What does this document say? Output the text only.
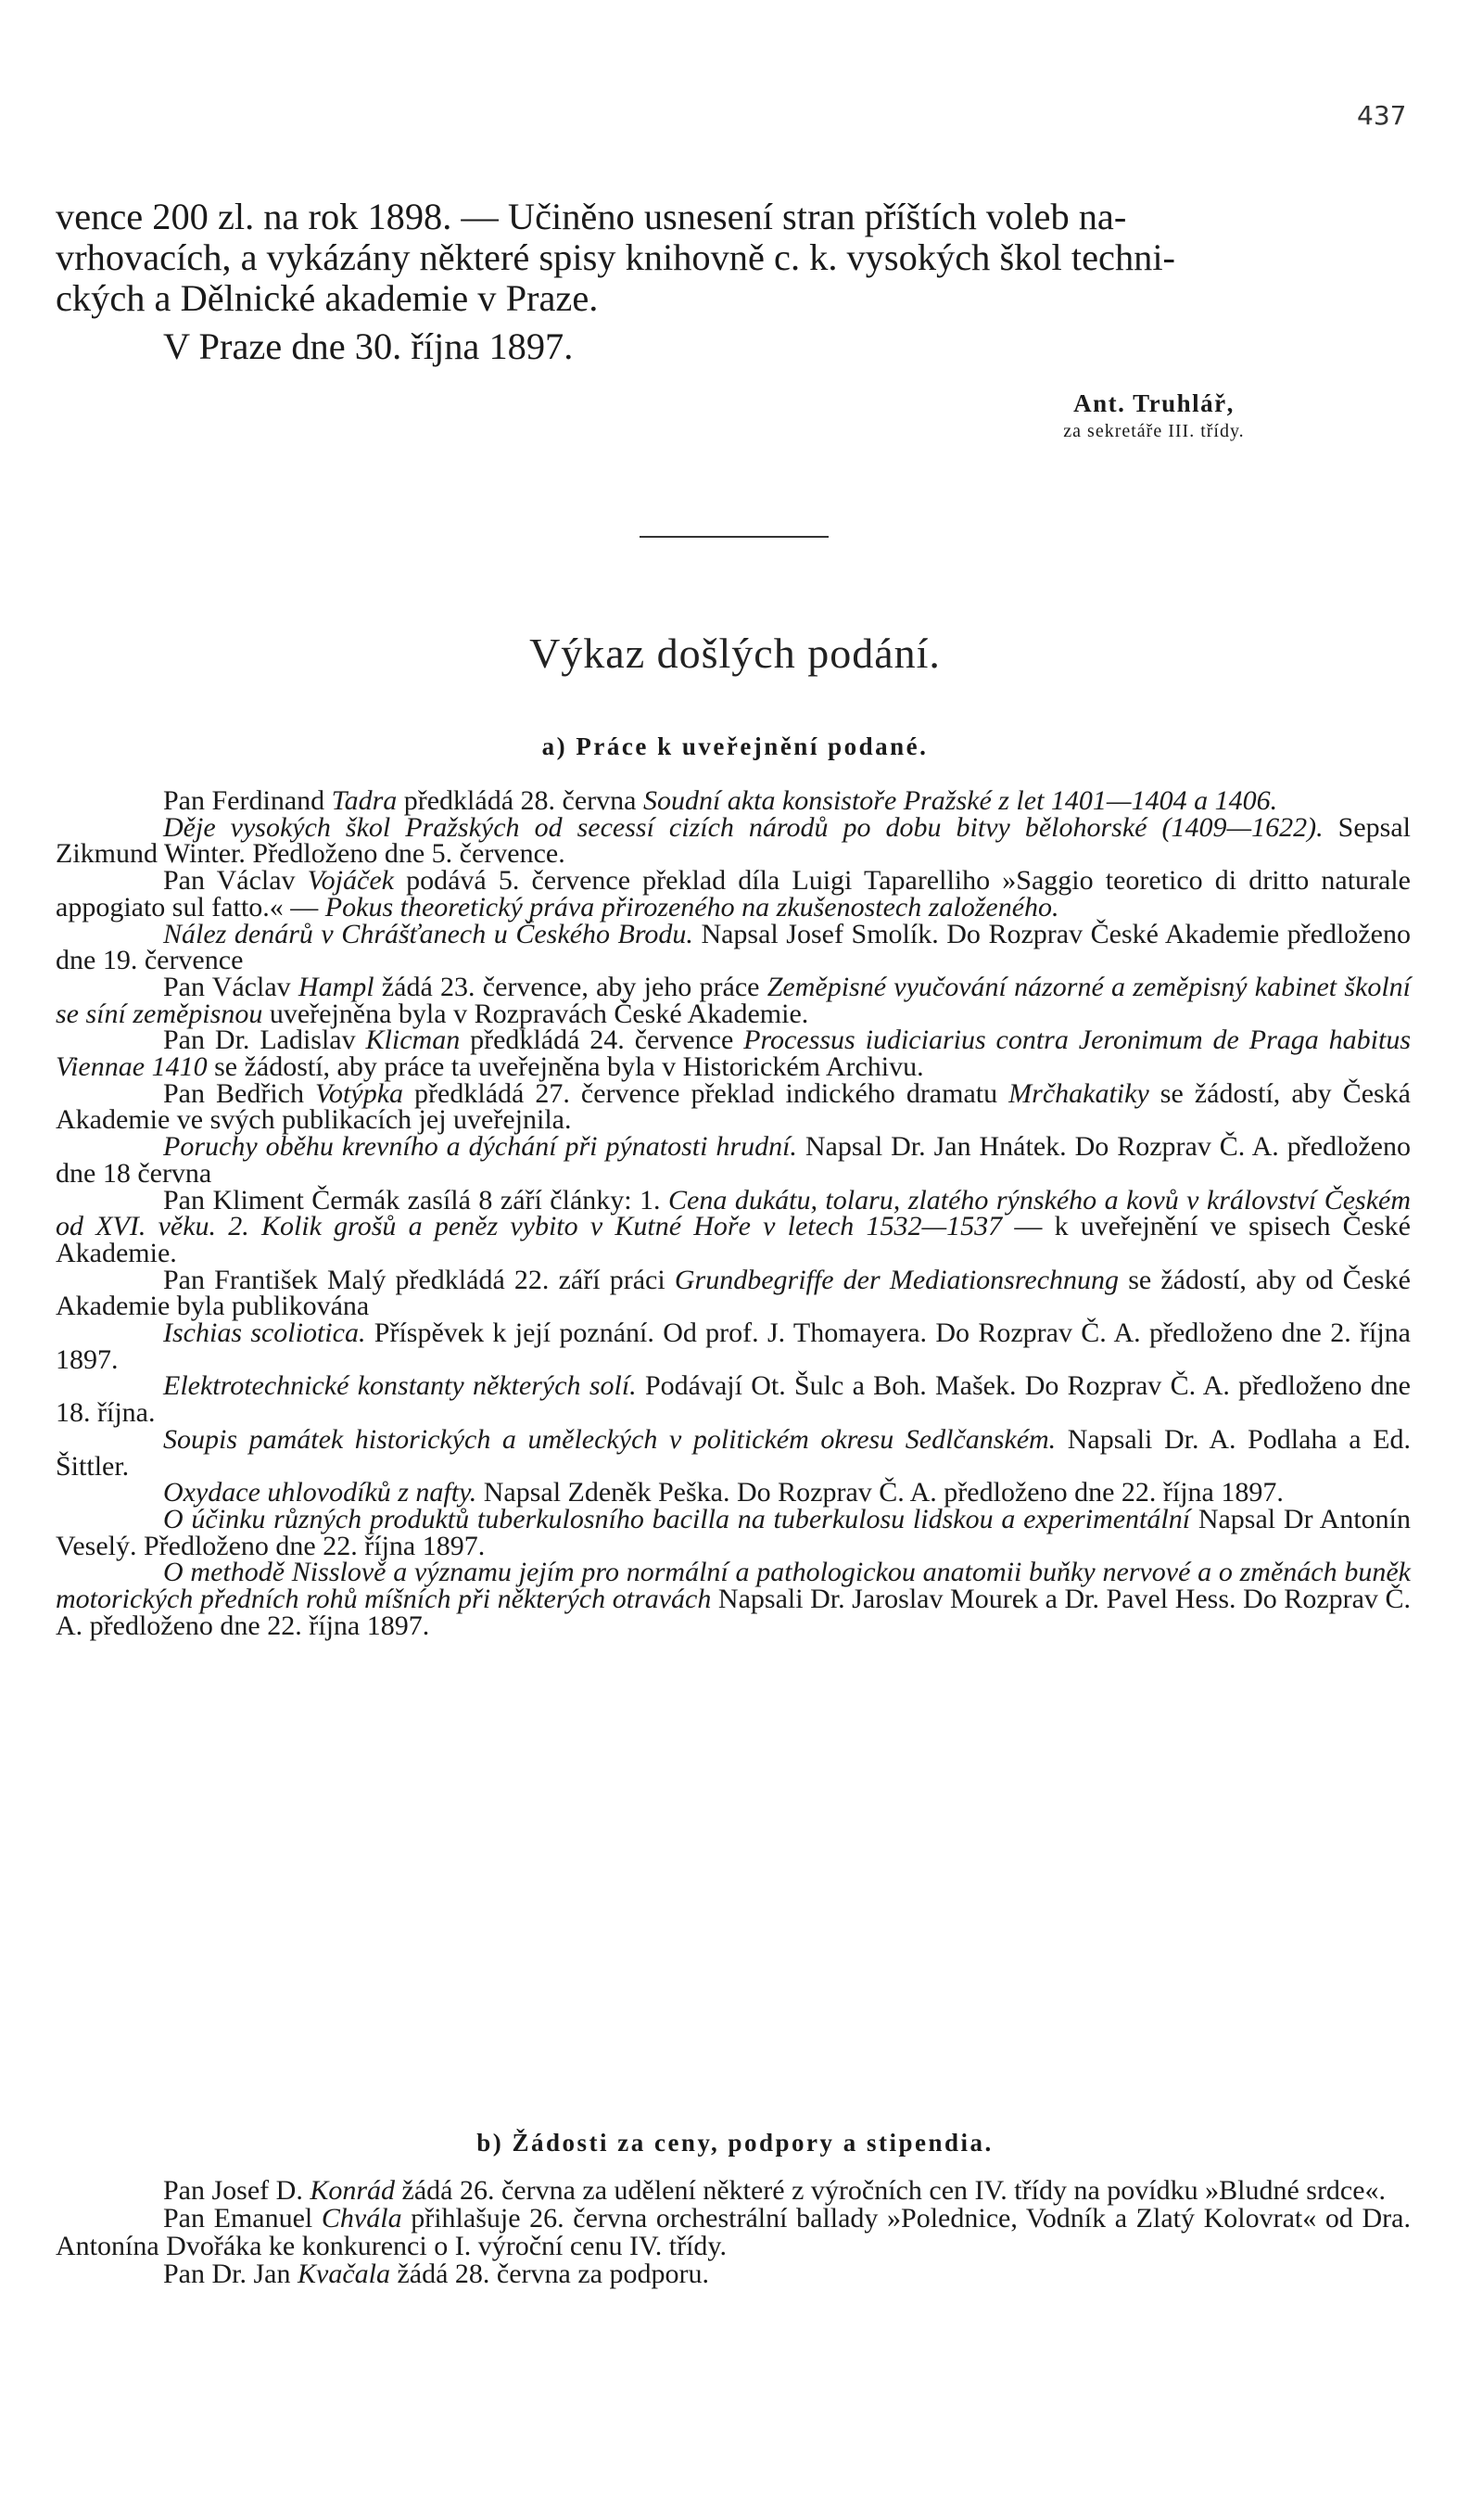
437

vence 200 zl. na rok 1898. — Učiněno usnesení stran příštích voleb na-

vrhovacích, a vykázány některé spisy knihovně c. k. vysokých škol techni-

ckých a Dělnické akademie v Praze.

V Praze dne 30. října 1897.

Ant. Truhlář,
za sekretáře III. třídy.
Výkaz došlých podání.
a) Práce k uveřejnění podané.

Pan Ferdinand Tadra předkládá 28. června Soudní akta konsistoře Pražské z let 1401—1404 a 1406.

Děje vysokých škol Pražských od secessí cizích národů po dobu bitvy bělohorské (1409—1622). Sepsal Zikmund Winter. Předloženo dne 5. července.

Pan Václav Vojáček podává 5. července překlad díla Luigi Taparelliho »Saggio teoretico di dritto naturale appogiato sul fatto.« — Pokus theoretický práva přirozeného na zkušenostech založeného.

Nález denárů v Chrášťanech u Českého Brodu. Napsal Josef Smolík. Do Rozprav České Akademie předloženo dne 19. července

Pan Václav Hampl žádá 23. července, aby jeho práce Zeměpisné vyučování názorné a zeměpisný kabinet školní se síní zeměpisnou uveřejněna byla v Rozpravách České Akademie.

Pan Dr. Ladislav Klicman předkládá 24. července Processus iudiciarius contra Jeronimum de Praga habitus Viennae 1410 se žádostí, aby práce ta uveřejněna byla v Historickém Archivu.

Pan Bedřich Votýpka předkládá 27. července překlad indického dramatu Mrčhakatiky se žádostí, aby Česká Akademie ve svých publikacích jej uveřejnila.

Poruchy oběhu krevního a dýchání při pýnatosti hrudní. Napsal Dr. Jan Hnátek. Do Rozprav Č. A. předloženo dne 18 června

Pan Kliment Čermák zasílá 8 září články: 1. Cena dukátu, tolaru, zlatého rýnského a kovů v království Českém od XVI. věku. 2. Kolik grošů a peněz vybito v Kutné Hoře v letech 1532—1537 — k uveřejnění ve spisech České Akademie.

Pan František Malý předkládá 22. září práci Grundbegriffe der Mediationsrechnung se žádostí, aby od České Akademie byla publikována

Ischias scoliotica. Příspěvek k její poznání. Od prof. J. Thomayera. Do Rozprav Č. A. předloženo dne 2. října 1897.

Elektrotechnické konstanty některých solí. Podávají Ot. Šulc a Boh. Mašek. Do Rozprav Č. A. předloženo dne 18. října.

Soupis památek historických a uměleckých v politickém okresu Sedlčanském. Napsali Dr. A. Podlaha a Ed. Šittler.

Oxydace uhlovodíků z nafty. Napsal Zdeněk Peška. Do Rozprav Č. A. předloženo dne 22. října 1897.

O účinku různých produktů tuberkulosního bacilla na tuberkulosu lidskou a experimentální Napsal Dr Antonín Veselý. Předloženo dne 22. října 1897.

O methodě Nisslově a významu jejím pro normální a pathologickou anatomii buňky nervové a o změnách buněk motorických předních rohů míšních při některých otravách Napsali Dr. Jaroslav Mourek a Dr. Pavel Hess. Do Rozprav Č. A. předloženo dne 22. října 1897.

b) Žádosti za ceny, podpory a stipendia.

Pan Josef D. Konrád žádá 26. června za udělení některé z výročních cen IV. třídy na povídku »Bludné srdce«.

Pan Emanuel Chvála přihlašuje 26. června orchestrální ballady »Polednice, Vodník a Zlatý Kolovrat« od Dra. Antonína Dvořáka ke konkurenci o I. výroční cenu IV. třídy.

Pan Dr. Jan Kvačala žádá 28. června za podporu.
